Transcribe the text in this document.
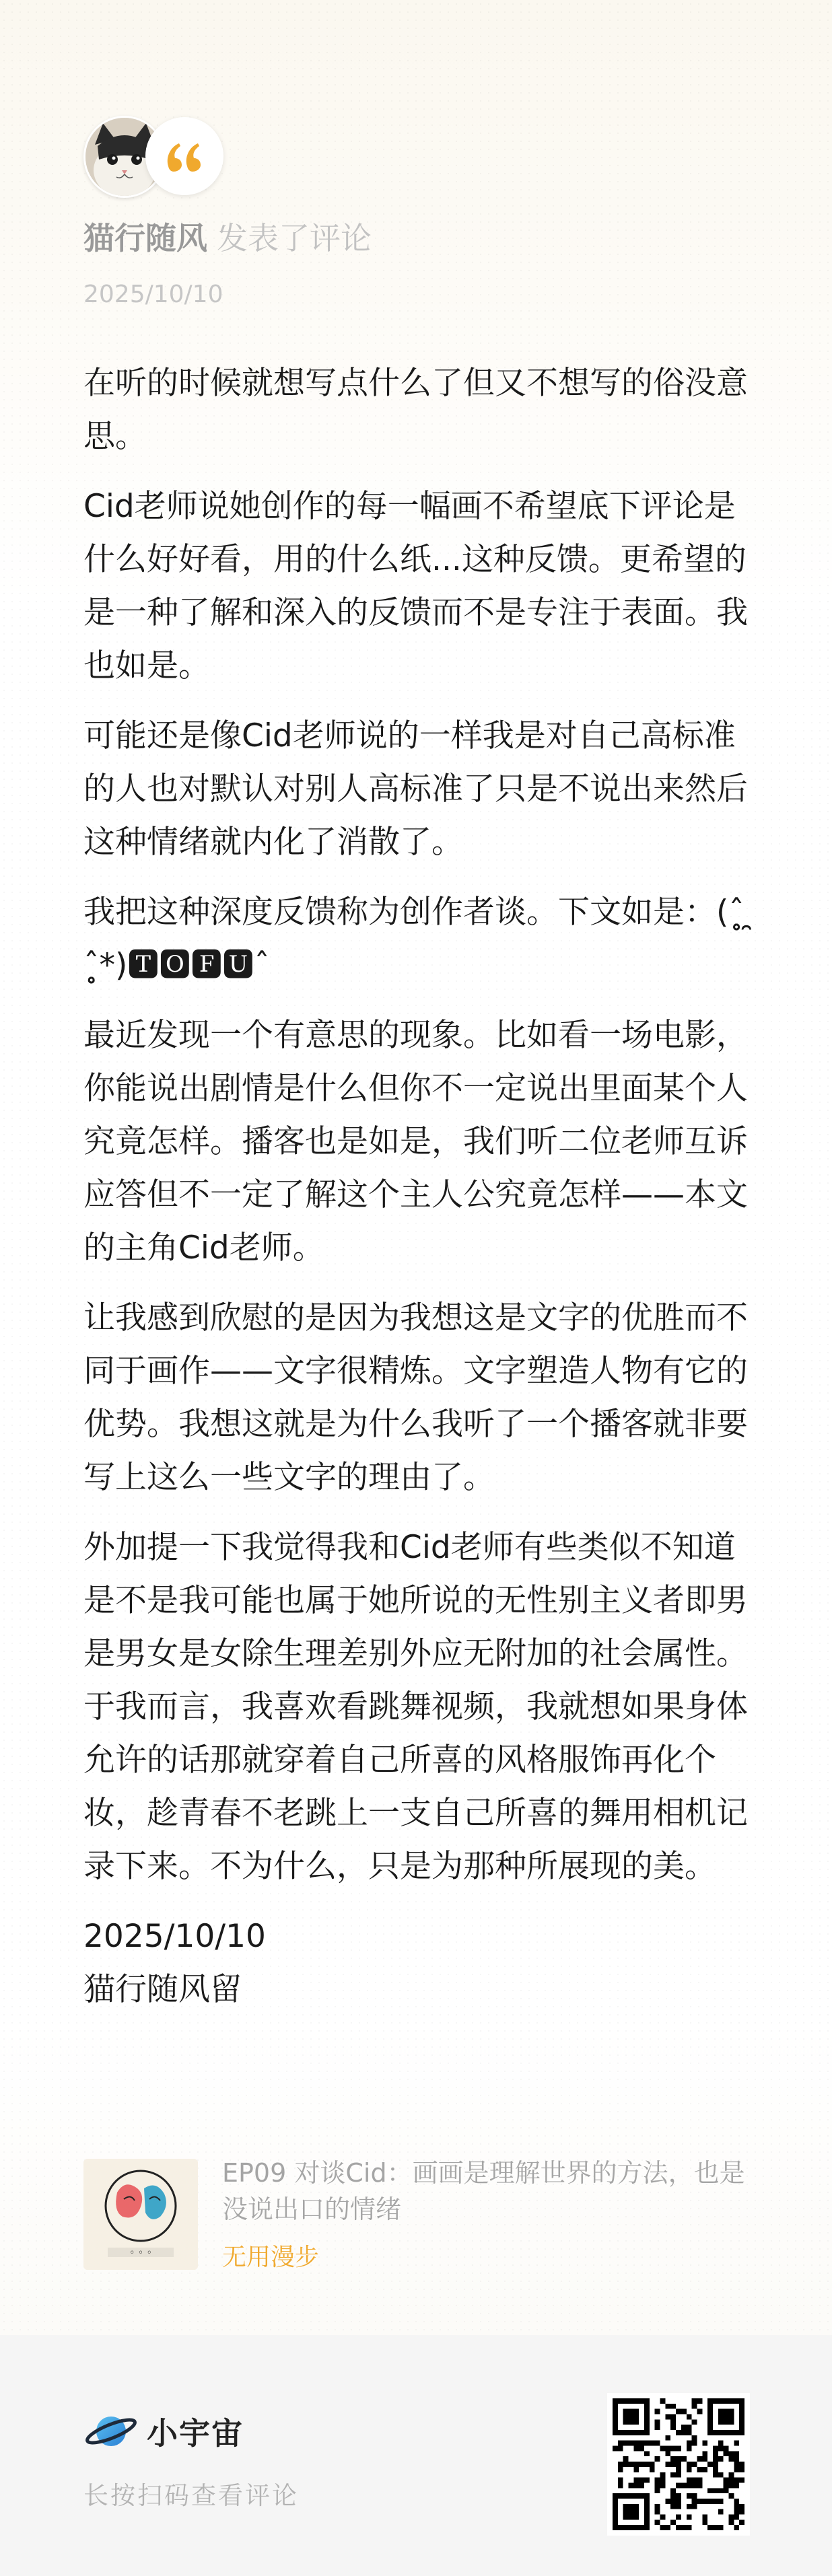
猫行随风 发表了评论
2025/10/10

在听的时候就想写点什么了但又不想写的俗没意思。

Cid老师说她创作的每一幅画不希望底下评论是什么好好看，用的什么纸...这种反馈。更希望的是一种了解和深入的反馈而不是专注于表面。我也如是。

可能还是像Cid老师说的一样我是对自己高标准的人也对默认对别人高标准了只是不说出来然后这种情绪就内化了消散了。

我把这种深度反馈称为创作者谈。下文如是：(ˆ̥̥̥̥ ̯ ˆ̥̥̥̥*)🆃🅾🅵🆄ˆ

最近发现一个有意思的现象。比如看一场电影，你能说出剧情是什么但你不一定说出里面某个人究竟怎样。播客也是如是，我们听二位老师互诉应答但不一定了解这个主人公究竟怎样——本文的主角Cid老师。

让我感到欣慰的是因为我想这是文字的优胜而不同于画作——文字很精炼。文字塑造人物有它的优势。我想这就是为什么我听了一个播客就非要写上这么一些文字的理由了。

外加提一下我觉得我和Cid老师有些类似不知道是不是我可能也属于她所说的无性别主义者即男是男女是女除生理差别外应无附加的社会属性。于我而言，我喜欢看跳舞视频，我就想如果身体允许的话那就穿着自己所喜的风格服饰再化个妆，趁青春不老跳上一支自己所喜的舞用相机记录下来。不为什么，只是为那种所展现的美。

2025/10/10

猫行随风留

◦ ◦ ◦
EP09 对谈Cid：画画是理解世界的方法，也是没说出口的情绪
无用漫步
小宇宙
长按扫码查看评论
